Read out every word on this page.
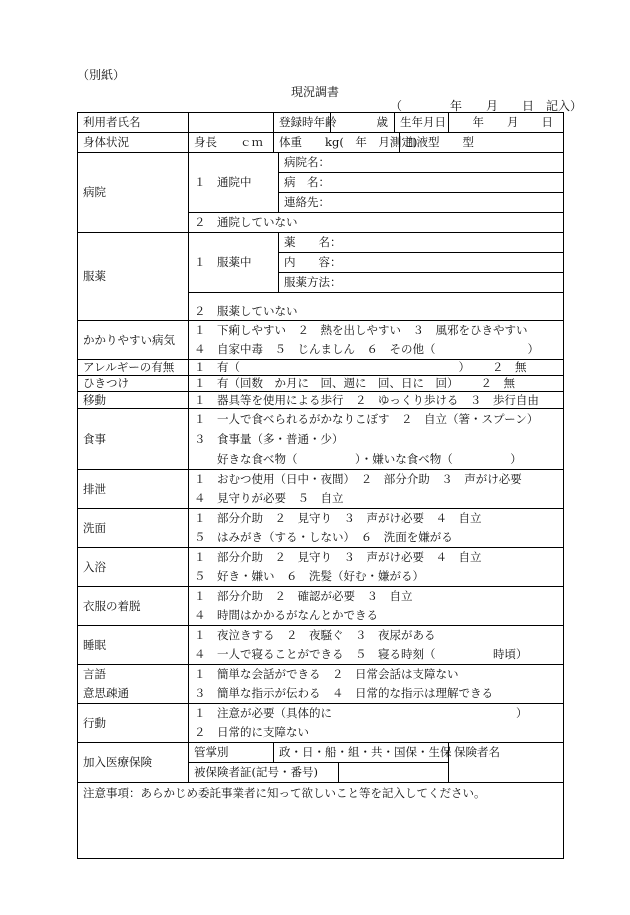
（別紙）
現況調書
（　　　　年　　月　　日　記入）
利用者氏名		登録時年齢		歳		生年月日		年　　月　　日
身体状況	身長　　ｃｍ	体重　　kg(　年　月測定)					血液型　　型	
病院	１　通院中		病院名：					
			病　名：					
			連絡先：					
	２　通院していない							
服薬	１　服薬中		薬　　名：					
			内　　容：					
			服薬方法：					
	２　服薬していない							
かかりやすい病気	１　下痢しやすい　２　熱を出しやすい　３　風邪をひきやすい
４　自家中毒　５　じんましん　６　その他（　　　　　　　　）							

アレルギーの有無	１　有（　　　　　　　　　　　　　　　　　　　） ２　無							
ひきつけ	１　有（回数　か月に　回、週に　回、日に　回） ２　無							
移動	１　器具等を使用による歩行　２　ゆっくり歩ける　３　歩行自由							
食事	１　一人で食べられるがかなりこぼす　２　自立（箸・スプーン）
３　食事量（多・普通・少）
　　好きな食べ物（　　　　　）・嫌いな食べ物（　　　　　）							

排泄	１　おむつ使用（日中・夜間）　２　部分介助　３　声がけ必要
４　見守りが必要　５　自立							

洗面	１　部分介助　２　見守り　３　声がけ必要　４　自立
５　はみがき（する・しない）　６　洗面を嫌がる							

入浴	１　部分介助　２　見守り　３　声がけ必要　４　自立
５　好き・嫌い　６　洗髪（好む・嫌がる）							

衣服の着脱	１　部分介助　２　確認が必要　３　自立
４　時間はかかるがなんとかできる							

睡眠	１　夜泣きする　２　夜騒ぐ　３　夜尿がある
４　一人で寝ることができる　５　寝る時刻（　　　　　時頃）							

言語
意思疎通	１　簡単な会話ができる　２　日常会話は支障ない
３　簡単な指示が伝わる　４　日常的な指示は理解できる							

行動	１　注意が必要（具体的に　　　　　　　　　　　　　　　　）
２　日常的に支障ない							

加入医療保険	管掌別	政・日・船・組・共・国保・生保						保険者名
	被保険者証(記号・番号)							
注意事項：あらかじめ委託事業者に知って欲しいこと等を記入してください。								
